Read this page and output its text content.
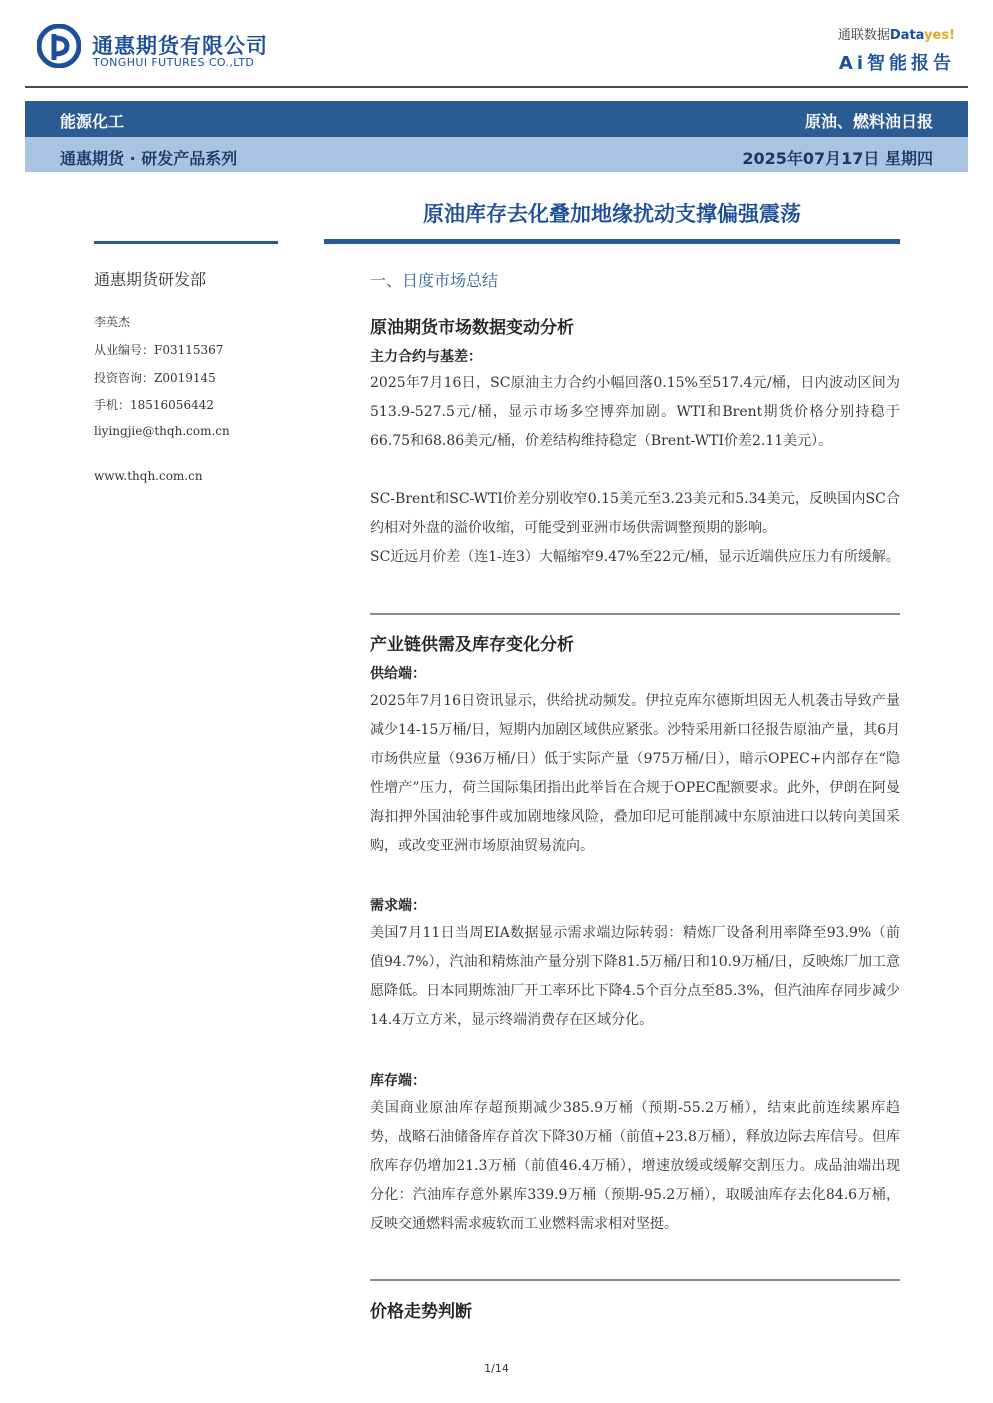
通惠期货有限公司
TONGHUI FUTURES CO.,LTD
通联数据Datayes!
Ai智能报告
能源化工	原油、燃料油日报
通惠期货 · 研发产品系列	2025年07月17日 星期四
原油库存去化叠加地缘扰动支撑偏强震荡
通惠期货研发部
李英杰
从业编号：F03115367
投资咨询：Z0019145
手机：18516056442
liyingjie@thqh.com.cn
www.thqh.com.cn
一、日度市场总结
原油期货市场数据变动分析
主力合约与基差：
2025年7月16日，SC原油主力合约小幅回落0.15%至517.4元/桶，日内波动区间为513.9-527.5元/桶，显示市场多空博弈加剧。WTI和Brent期货价格分别持稳于66.75和68.86美元/桶，价差结构维持稳定（Brent-WTI价差2.11美元）。
SC-Brent和SC-WTI价差分别收窄0.15美元至3.23美元和5.34美元，反映国内SC合约相对外盘的溢价收缩，可能受到亚洲市场供需调整预期的影响。
SC近远月价差（连1-连3）大幅缩窄9.47%至22元/桶，显示近端供应压力有所缓解。
产业链供需及库存变化分析
供给端：
2025年7月16日资讯显示，供给扰动频发。伊拉克库尔德斯坦因无人机袭击导致产量减少14-15万桶/日，短期内加剧区域供应紧张。沙特采用新口径报告原油产量，其6月市场供应量（936万桶/日）低于实际产量（975万桶/日），暗示OPEC+内部存在“隐性增产”压力，荷兰国际集团指出此举旨在合规于OPEC配额要求。此外，伊朗在阿曼海扣押外国油轮事件或加剧地缘风险，叠加印尼可能削减中东原油进口以转向美国采购，或改变亚洲市场原油贸易流向。
需求端：
美国7月11日当周EIA数据显示需求端边际转弱：精炼厂设备利用率降至93.9%（前值94.7%），汽油和精炼油产量分别下降81.5万桶/日和10.9万桶/日，反映炼厂加工意愿降低。日本同期炼油厂开工率环比下降4.5个百分点至85.3%，但汽油库存同步减少14.4万立方米，显示终端消费存在区域分化。
库存端：
美国商业原油库存超预期减少385.9万桶（预期-55.2万桶），结束此前连续累库趋势，战略石油储备库存首次下降30万桶（前值+23.8万桶），释放边际去库信号。但库欣库存仍增加21.3万桶（前值46.4万桶），增速放缓或缓解交割压力。成品油端出现分化：汽油库存意外累库339.9万桶（预期-95.2万桶），取暖油库存去化84.6万桶，反映交通燃料需求疲软而工业燃料需求相对坚挺。
价格走势判断
1/14
